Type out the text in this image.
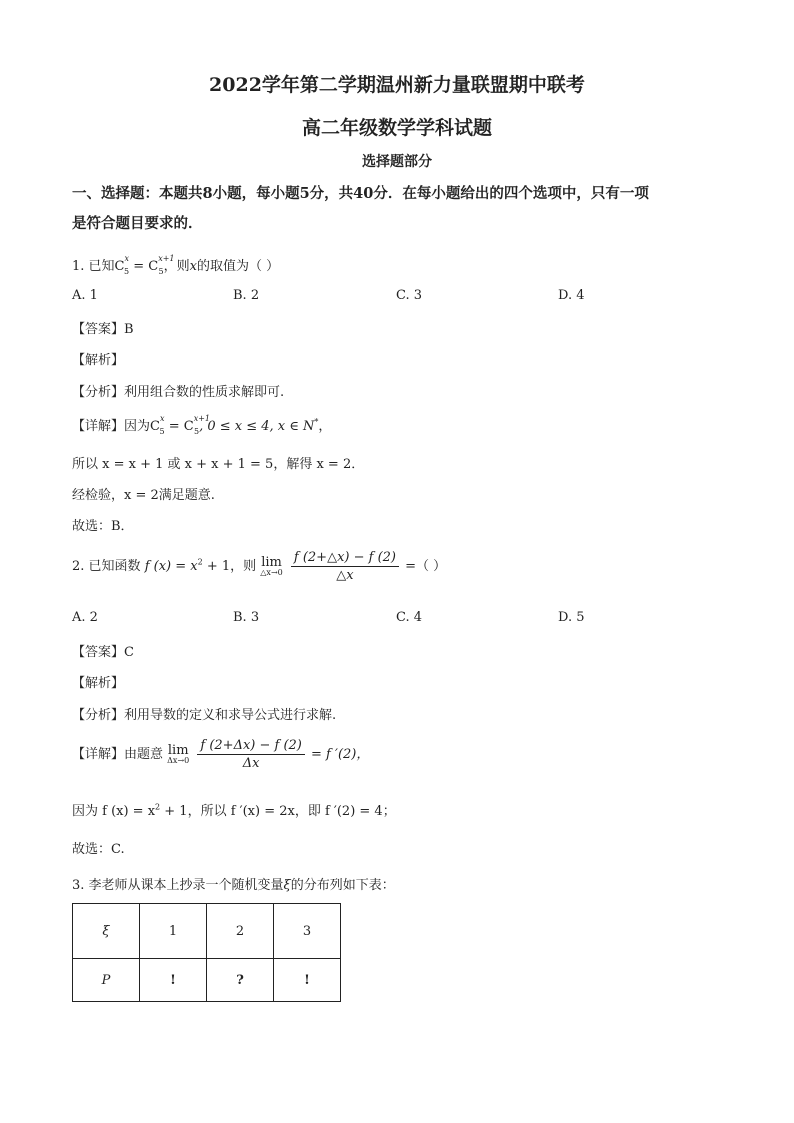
2022学年第二学期温州新力量联盟期中联考
高二年级数学学科试题
选择题部分
一、选择题：本题共8小题，每小题5分，共40分．在每小题给出的四个选项中，只有一项
是符合题目要求的．
1. 已知$C^x_5 = C^{x+1}_5$，则x的取值为（ ）
A. 1	B. 2	C. 3	D. 4
【答案】B
【解析】
【分析】利用组合数的性质求解即可.
【详解】因为$C^x_5 = C^{x+1}_5$, 0 ≤ x ≤ 4, x ∈ N*，
所以 x = x + 1 或 x + x + 1 = 5，解得 x = 2．
经检验，x = 2满足题意.
故选：B．
2. 已知函数 f $(x) = x^2 + 1$，则 lim
△x→0
$\frac{f (2+\triangle x) - f (2)}{\triangle x}$ =（ ）
A. 2	B. 3	C. 4	D. 5
【答案】C
【解析】
【分析】利用导数的定义和求导公式进行求解.
【详解】由题意 lim
Δx→0
$\frac{f (2+\Delta x) - f (2)}{\Delta x} = f$ ′(2)，
因为 f $(x) = x^2 + 1$，所以 f ′(x) = 2x，即 f ′(2) = 4；
故选：C.
3. 李老师从课本上抄录一个随机变量ξ的分布列如下表：
ξ	1	2	3
P	!	?	!
